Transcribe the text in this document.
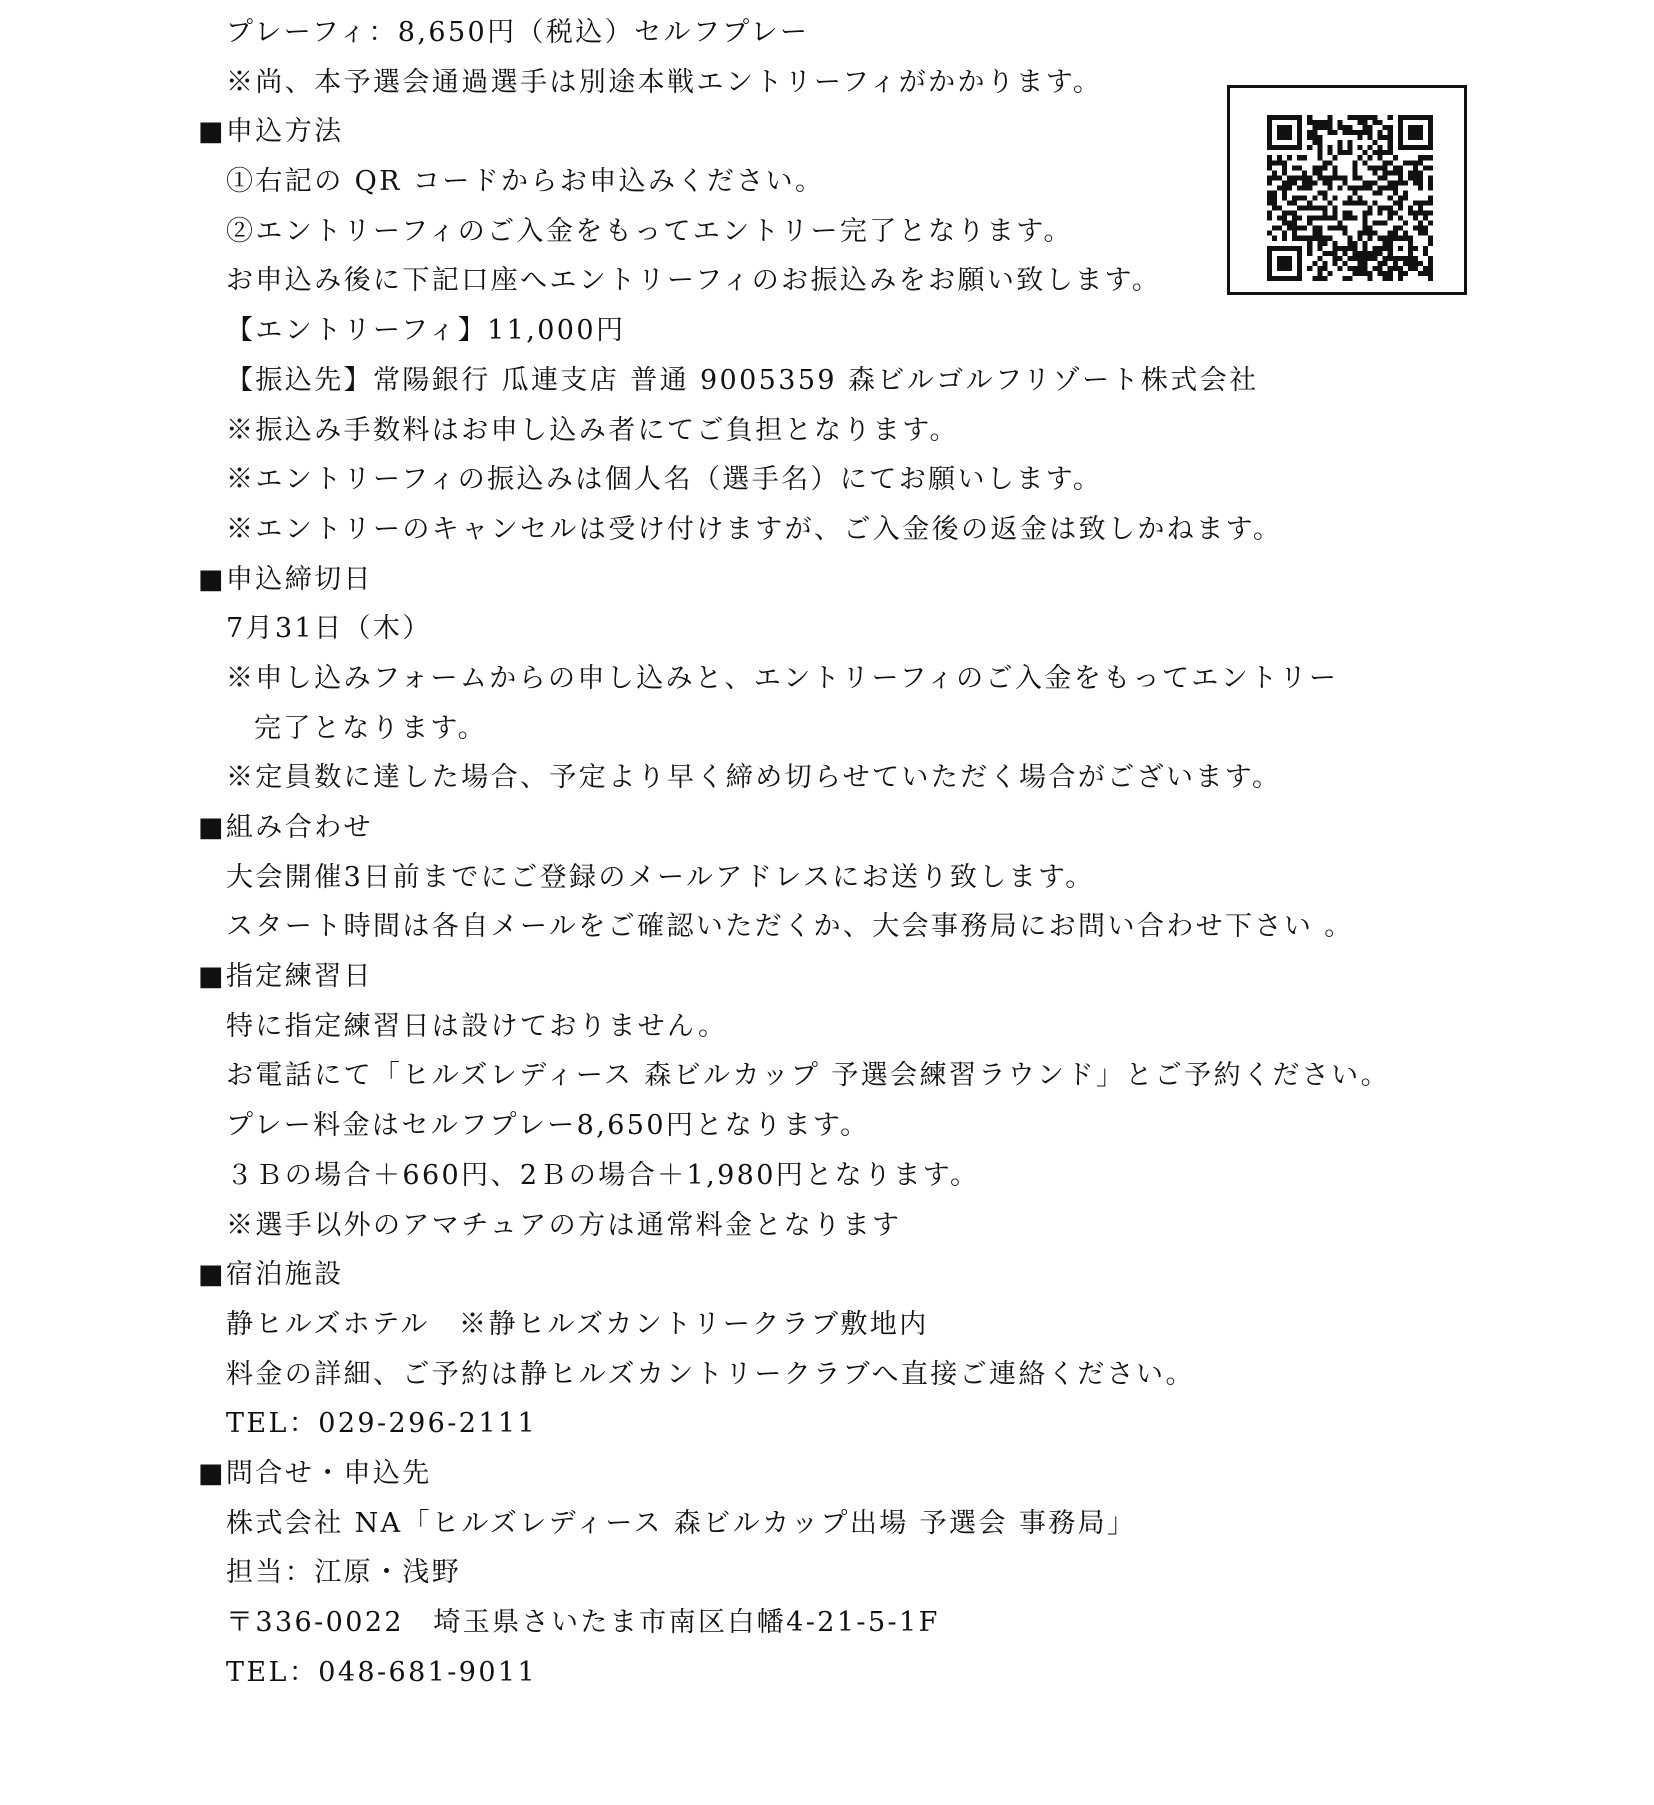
プレーフィ：8,650円（税込）セルフプレー
※尚、本予選会通過選手は別途本戦エントリーフィがかかります。
■申込方法
①右記の QR コードからお申込みください。
②エントリーフィのご入金をもってエントリー完了となります。
お申込み後に下記口座へエントリーフィのお振込みをお願い致します。
【エントリーフィ】11,000円
【振込先】常陽銀行 瓜連支店 普通 9005359 森ビルゴルフリゾート株式会社
※振込み手数料はお申し込み者にてご負担となります。
※エントリーフィの振込みは個人名（選手名）にてお願いします。
※エントリーのキャンセルは受け付けますが、ご入金後の返金は致しかねます。
■申込締切日
7月31日（木）
※申し込みフォームからの申し込みと、エントリーフィのご入金をもってエントリー
完了となります。
※定員数に達した場合、予定より早く締め切らせていただく場合がございます。
■組み合わせ
大会開催3日前までにご登録のメールアドレスにお送り致します。
スタート時間は各自メールをご確認いただくか、大会事務局にお問い合わせ下さい 。
■指定練習日
特に指定練習日は設けておりません。
お電話にて「ヒルズレディース 森ビルカップ 予選会練習ラウンド」とご予約ください。
プレー料金はセルフプレー8,650円となります。
３Ｂの場合＋660円、2Ｂの場合＋1,980円となります。
※選手以外のアマチュアの方は通常料金となります
■宿泊施設
静ヒルズホテル　※静ヒルズカントリークラブ敷地内
料金の詳細、ご予約は静ヒルズカントリークラブへ直接ご連絡ください。
TEL：029-296-2111
■問合せ・申込先
株式会社 NA「ヒルズレディース 森ビルカップ出場 予選会 事務局」
担当：江原・浅野
〒336-0022　埼玉県さいたま市南区白幡4-21-5-1F
TEL：048-681-9011
